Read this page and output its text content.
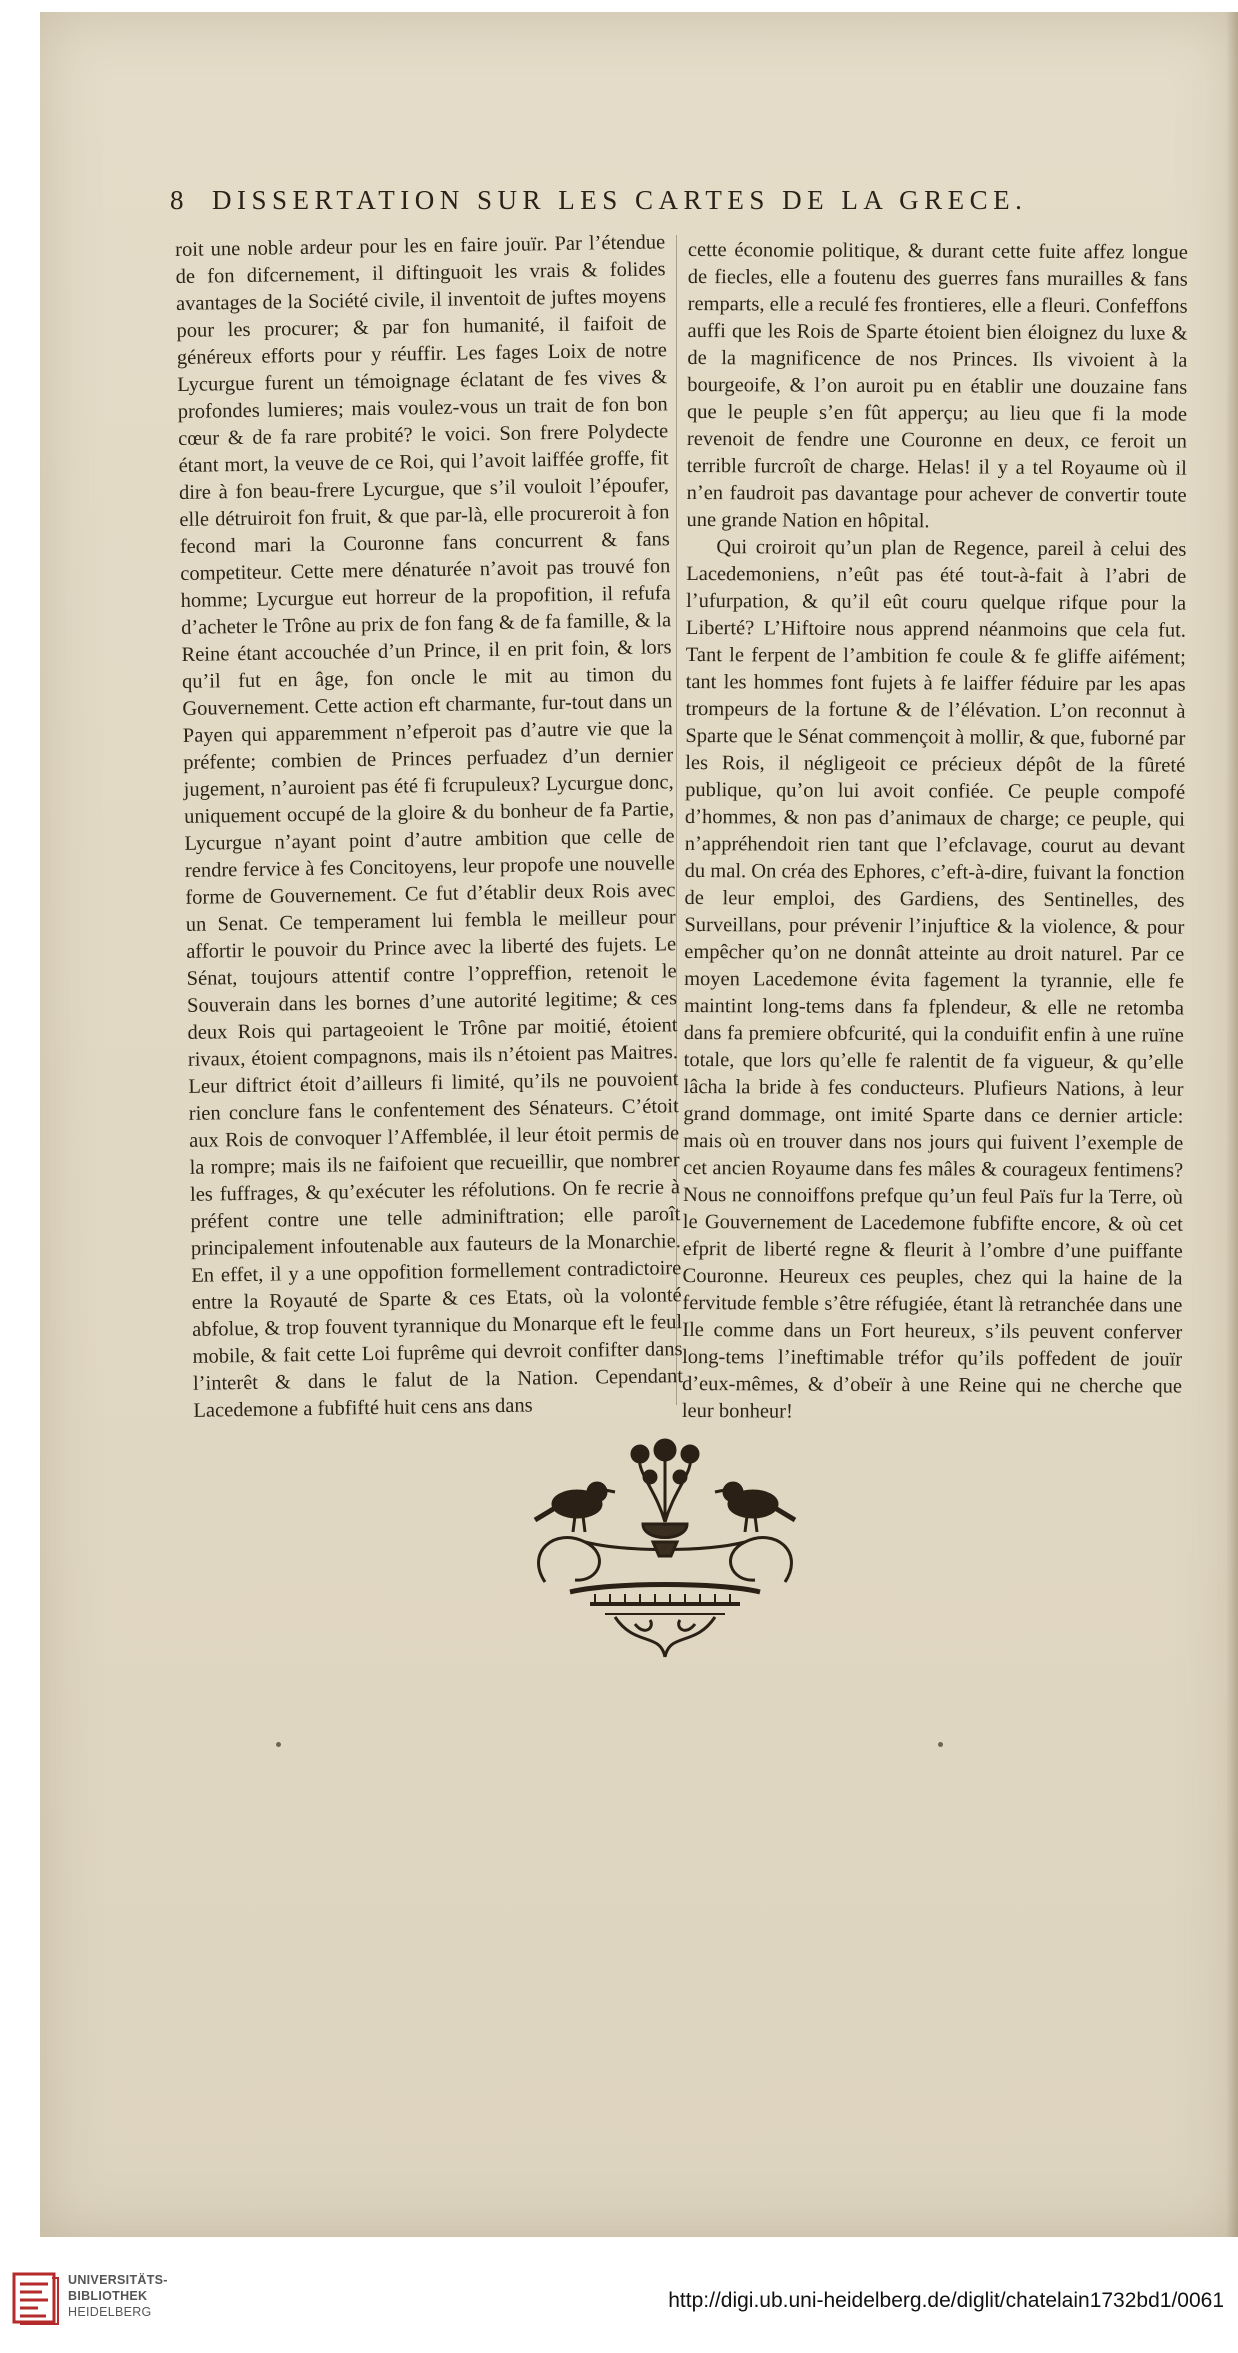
8 DISSERTATION SUR LES CARTES DE LA GRECE.

roit une noble ardeur pour les en faire jouïr. Par l’étendue de fon difcernement, il diftinguoit les vrais & folides avantages de la Société civile, il inventoit de juftes moyens pour les procurer; & par fon humanité, il faifoit de généreux efforts pour y réuffir. Les fages Loix de notre Lycurgue furent un témoignage éclatant de fes vives & profondes lumieres; mais voulez-vous un trait de fon bon cœur & de fa rare probité? le voici. Son frere Polydecte étant mort, la veuve de ce Roi, qui l’avoit laiffée groffe, fit dire à fon beau-frere Lycurgue, que s’il vouloit l’époufer, elle détruiroit fon fruit, & que par-là, elle procureroit à fon fecond mari la Couronne fans concurrent & fans competiteur. Cette mere dénaturée n’avoit pas trouvé fon homme; Lycurgue eut horreur de la propofition, il refufa d’acheter le Trône au prix de fon fang & de fa famille, & la Reine étant accouchée d’un Prince, il en prit foin, & lors qu’il fut en âge, fon oncle le mit au timon du Gouvernement. Cette action eft charmante, fur-tout dans un Payen qui apparemment n’efperoit pas d’autre vie que la préfente; combien de Princes perfuadez d’un dernier jugement, n’auroient pas été fi fcrupuleux? Lycurgue donc, uniquement occupé de la gloire & du bonheur de fa Partie, Lycurgue n’ayant point d’autre ambition que celle de rendre fervice à fes Concitoyens, leur propofe une nouvelle forme de Gouvernement. Ce fut d’établir deux Rois avec un Senat. Ce temperament lui fembla le meilleur pour affortir le pouvoir du Prince avec la liberté des fujets. Le Sénat, toujours attentif contre l’oppreffion, retenoit le Souverain dans les bornes d’une autorité legitime; & ces deux Rois qui partageoient le Trône par moitié, étoient rivaux, étoient compagnons, mais ils n’étoient pas Maitres. Leur diftrict étoit d’ailleurs fi limité, qu’ils ne pouvoient rien conclure fans le confentement des Sénateurs. C’étoit aux Rois de convoquer l’Affemblée, il leur étoit permis de la rompre; mais ils ne faifoient que recueillir, que nombrer les fuffrages, & qu’exécuter les réfolutions. On fe recrie à préfent contre une telle adminiftration; elle paroît principalement infoutenable aux fauteurs de la Monarchie. En effet, il y a une oppofition formellement contradictoire entre la Royauté de Sparte & ces Etats, où la volonté abfolue, & trop fouvent tyrannique du Monarque eft le feul mobile, & fait cette Loi fuprême qui devroit confifter dans l’interêt & dans le falut de la Nation. Cependant Lacedemone a fubfifté huit cens ans dans

cette économie politique, & durant cette fuite affez longue de fiecles, elle a foutenu des guerres fans murailles & fans remparts, elle a reculé fes frontieres, elle a fleuri. Confeffons auffi que les Rois de Sparte étoient bien éloignez du luxe & de la magnificence de nos Princes. Ils vivoient à la bourgeoife, & l’on auroit pu en établir une douzaine fans que le peuple s’en fût apperçu; au lieu que fi la mode revenoit de fendre une Couronne en deux, ce feroit un terrible furcroît de charge. Helas! il y a tel Royaume où il n’en faudroit pas davantage pour achever de convertir toute une grande Nation en hôpital.

Qui croiroit qu’un plan de Regence, pareil à celui des Lacedemoniens, n’eût pas été tout-à-fait à l’abri de l’ufurpation, & qu’il eût couru quelque rifque pour la Liberté? L’Hiftoire nous apprend néanmoins que cela fut. Tant le ferpent de l’ambition fe coule & fe gliffe aifément; tant les hommes font fujets à fe laiffer féduire par les apas trompeurs de la fortune & de l’élévation. L’on reconnut à Sparte que le Sénat commençoit à mollir, & que, fuborné par les Rois, il négligeoit ce précieux dépôt de la fûreté publique, qu’on lui avoit confiée. Ce peuple compofé d’hommes, & non pas d’animaux de charge; ce peuple, qui n’appréhendoit rien tant que l’efclavage, courut au devant du mal. On créa des Ephores, c’eft-à-dire, fuivant la fonction de leur emploi, des Gardiens, des Sentinelles, des Surveillans, pour prévenir l’injuftice & la violence, & pour empêcher qu’on ne donnât atteinte au droit naturel. Par ce moyen Lacedemone évita fagement la tyrannie, elle fe maintint long-tems dans fa fplendeur, & elle ne retomba dans fa premiere obfcurité, qui la conduifit enfin à une ruïne totale, que lors qu’elle fe ralentit de fa vigueur, & qu’elle lâcha la bride à fes conducteurs. Plufieurs Nations, à leur grand dommage, ont imité Sparte dans ce dernier article: mais où en trouver dans nos jours qui fuivent l’exemple de cet ancien Royaume dans fes mâles & courageux fentimens? Nous ne connoiffons prefque qu’un feul Païs fur la Terre, où le Gouvernement de Lacedemone fubfifte encore, & où cet efprit de liberté regne & fleurit à l’ombre d’une puiffante Couronne. Heureux ces peuples, chez qui la haine de la fervitude femble s’être réfugiée, étant là retranchée dans une Ile comme dans un Fort heureux, s’ils peuvent conferver long-tems l’ineftimable tréfor qu’ils poffedent de jouïr d’eux-mêmes, & d’obeïr à une Reine qui ne cherche que leur bonheur!

UNIVERSITÄTS-
BIBLIOTHEK
HEIDELBERG	http://digi.ub.uni-heidelberg.de/diglit/chatelain1732bd1/0061
